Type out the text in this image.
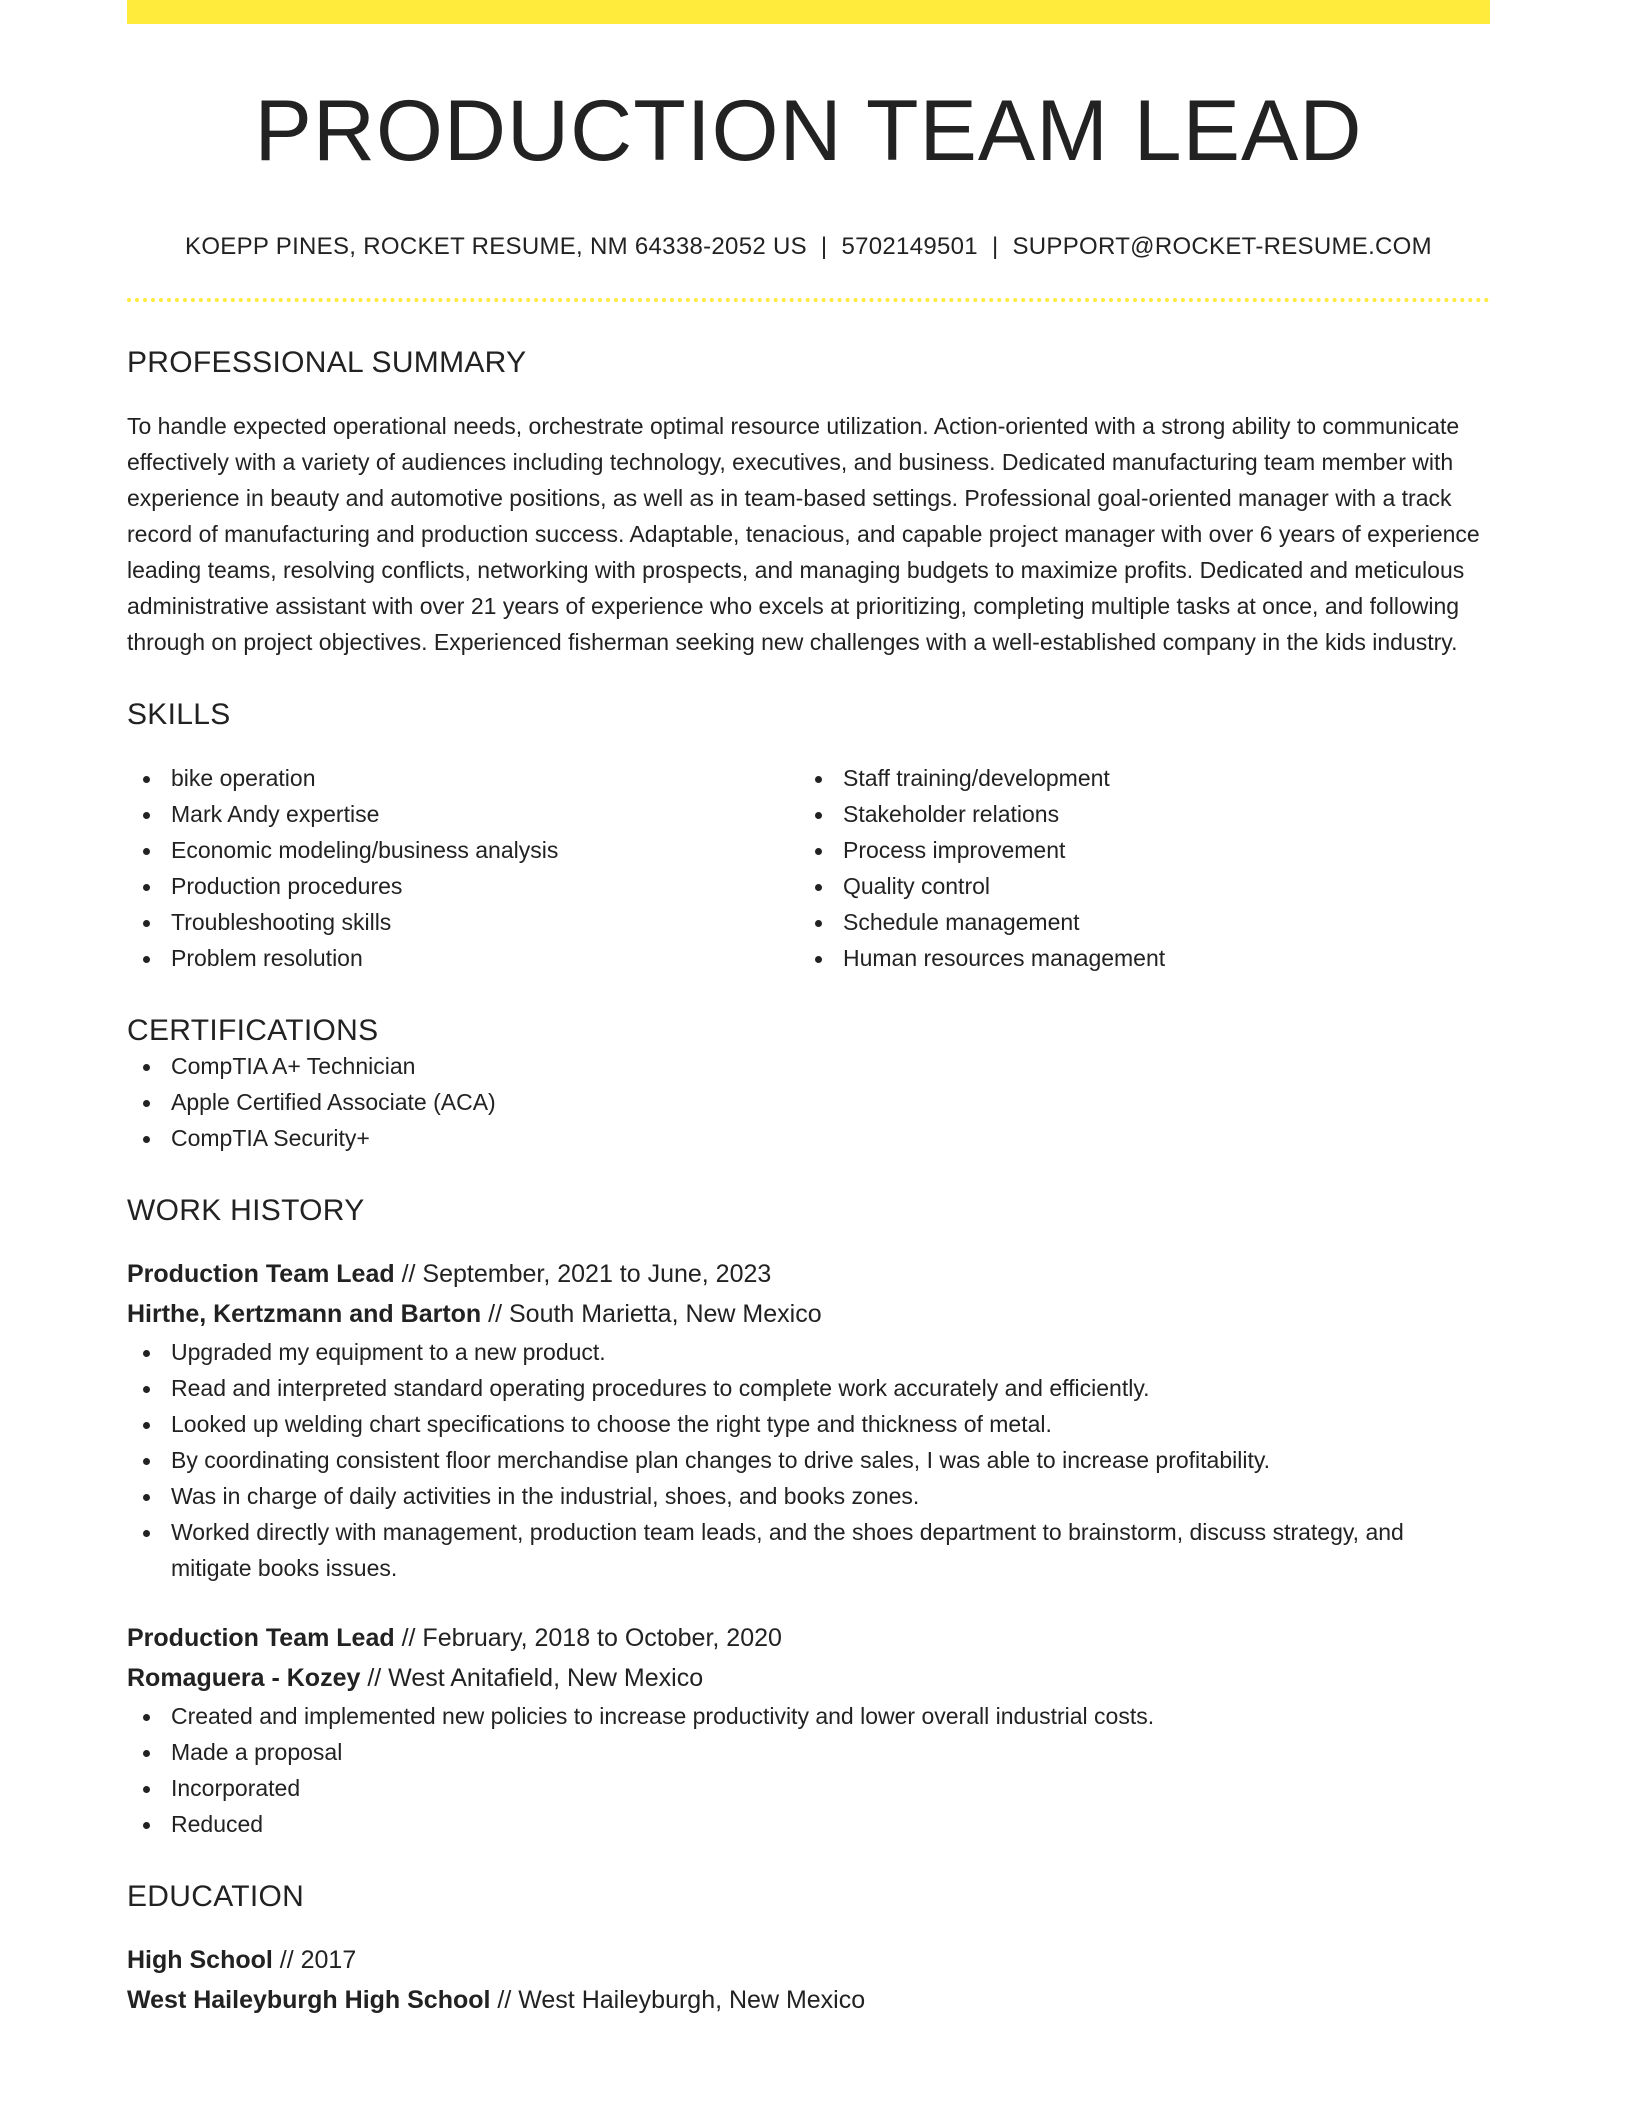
PRODUCTION TEAM LEAD
KOEPP PINES, ROCKET RESUME, NM 64338-2052 US | 5702149501 | SUPPORT@ROCKET-RESUME.COM
PROFESSIONAL SUMMARY

To handle expected operational needs, orchestrate optimal resource utilization. Action-oriented with a strong ability to communicate effectively with a variety of audiences including technology, executives, and business. Dedicated manufacturing team member with experience in beauty and automotive positions, as well as in team-based settings. Professional goal-oriented manager with a track record of manufacturing and production success. Adaptable, tenacious, and capable project manager with over 6 years of experience leading teams, resolving conflicts, networking with prospects, and managing budgets to maximize profits. Dedicated and meticulous administrative assistant with over 21 years of experience who excels at prioritizing, completing multiple tasks at once, and following through on project objectives. Experienced fisherman seeking new challenges with a well-established company in the kids industry.

SKILLS
bike operation
Mark Andy expertise
Economic modeling/business analysis
Production procedures
Troubleshooting skills
Problem resolution
Staff training/development
Stakeholder relations
Process improvement
Quality control
Schedule management
Human resources management
CERTIFICATIONS
CompTIA A+ Technician
Apple Certified Associate (ACA)
CompTIA Security+
WORK HISTORY
Production Team Lead // September, 2021 to June, 2023
Hirthe, Kertzmann and Barton // South Marietta, New Mexico
Upgraded my equipment to a new product.
Read and interpreted standard operating procedures to complete work accurately and efficiently.
Looked up welding chart specifications to choose the right type and thickness of metal.
By coordinating consistent floor merchandise plan changes to drive sales, I was able to increase profitability.
Was in charge of daily activities in the industrial, shoes, and books zones.
Worked directly with management, production team leads, and the shoes department to brainstorm, discuss strategy, and mitigate books issues.
Production Team Lead // February, 2018 to October, 2020
Romaguera - Kozey // West Anitafield, New Mexico
Created and implemented new policies to increase productivity and lower overall industrial costs.
Made a proposal
Incorporated
Reduced
EDUCATION
High School // 2017
West Haileyburgh High School // West Haileyburgh, New Mexico
